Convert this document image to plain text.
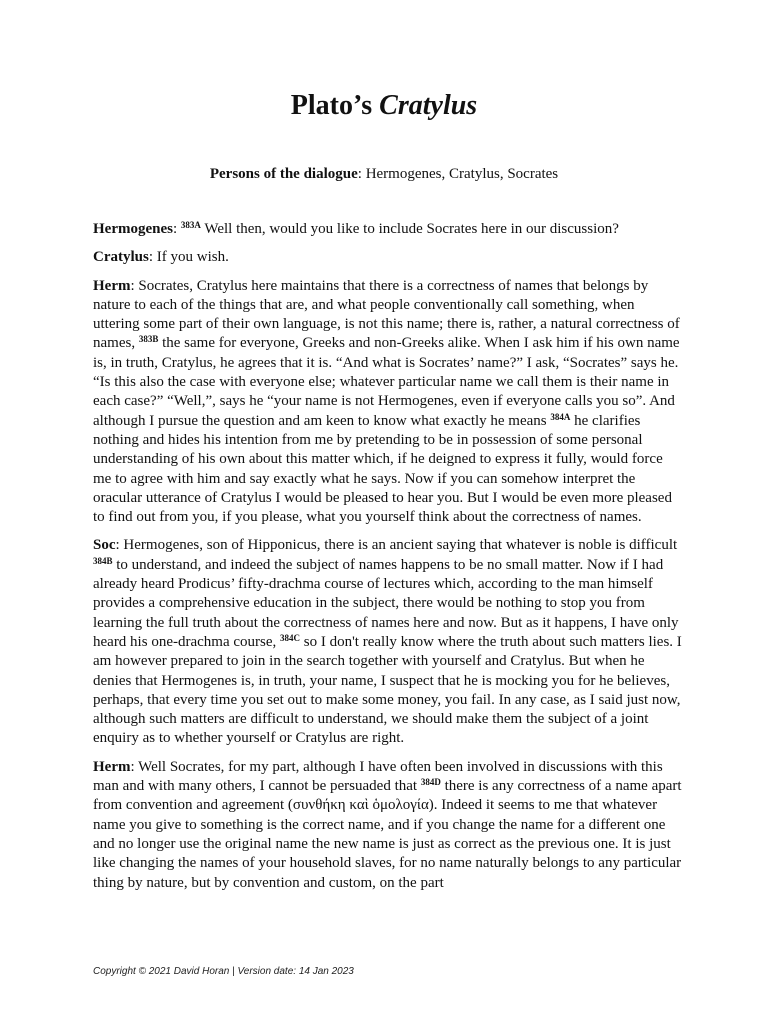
Plato’s Cratylus
Persons of the dialogue: Hermogenes, Cratylus, Socrates

Hermogenes: $^{383A}$ Well then, would you like to include Socrates here in our discussion?

Cratylus: If you wish.

Herm: Socrates, Cratylus here maintains that there is a correctness of names that belongs by nature to each of the things that are, and what people conventionally call something, when uttering some part of their own language, is not this name; there is, rather, a natural correctness of names, $^{383B}$ the same for everyone, Greeks and non-Greeks alike. When I ask him if his own name is, in truth, Cratylus, he agrees that it is. “And what is Socrates’ name?” I ask, “Socrates” says he. “Is this also the case with everyone else; whatever particular name we call them is their name in each case?” “Well,”, says he “your name is not Hermogenes, even if everyone calls you so”. And although I pursue the question and am keen to know what exactly he means $^{384A}$ he clarifies nothing and hides his intention from me by pretending to be in possession of some personal understanding of his own about this matter which, if he deigned to express it fully, would force me to agree with him and say exactly what he says. Now if you can somehow interpret the oracular utterance of Cratylus I would be pleased to hear you. But I would be even more pleased to find out from you, if you please, what you yourself think about the correctness of names.

Soc: Hermogenes, son of Hipponicus, there is an ancient saying that whatever is noble is difficult $^{384B}$ to understand, and indeed the subject of names happens to be no small matter. Now if I had already heard Prodicus’ fifty-drachma course of lectures which, according to the man himself provides a comprehensive education in the subject, there would be nothing to stop you from learning the full truth about the correctness of names here and now. But as it happens, I have only heard his one-drachma course, $^{384C}$ so I don't really know where the truth about such matters lies. I am however prepared to join in the search together with yourself and Cratylus. But when he denies that Hermogenes is, in truth, your name, I suspect that he is mocking you for he believes, perhaps, that every time you set out to make some money, you fail. In any case, as I said just now, although such matters are difficult to understand, we should make them the subject of a joint enquiry as to whether yourself or Cratylus are right.

Herm: Well Socrates, for my part, although I have often been involved in discussions with this man and with many others, I cannot be persuaded that $^{384D}$ there is any correctness of a name apart from convention and agreement (συνθήκη καὶ ὁμολογία). Indeed it seems to me that whatever name you give to something is the correct name, and if you change the name for a different one and no longer use the original name the new name is just as correct as the previous one. It is just like changing the names of your household slaves, for no name naturally belongs to any particular thing by nature, but by convention and custom, on the part

Copyright © 2021 David Horan | Version date: 14 Jan 2023
